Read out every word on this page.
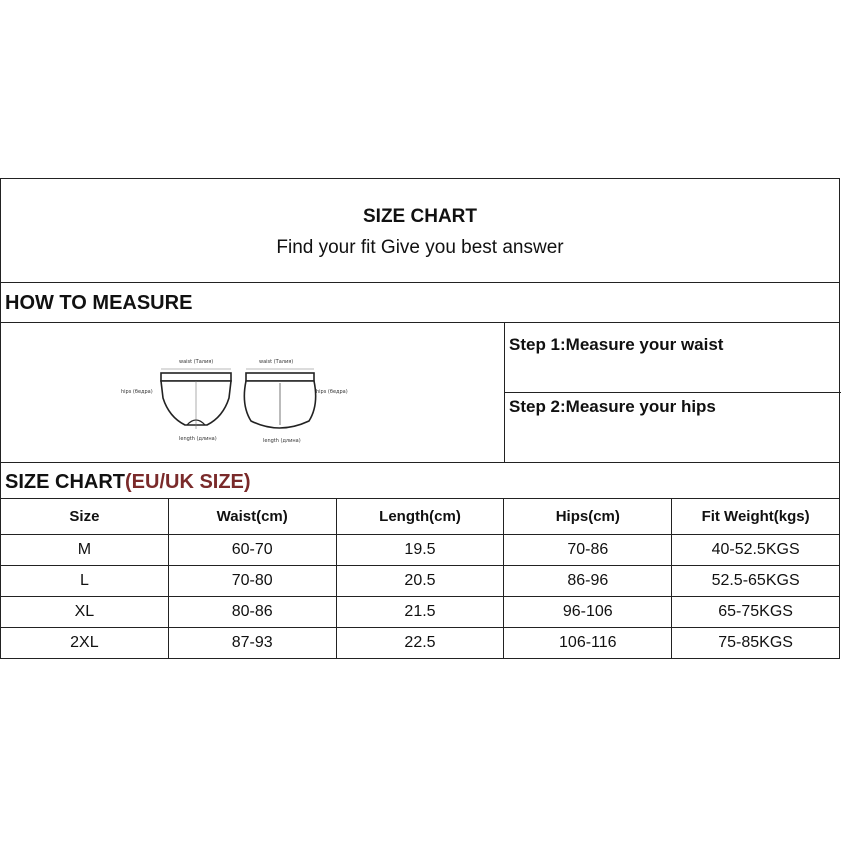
SIZE CHART
Find your fit Give you best answer
HOW TO MEASURE
waist (Талия)	waist (Талия)
hips (бедра)	hips (бедра)
length (длина)	length (длина)
Step 1:Measure your waist
Step 2:Measure your hips
SIZE CHART(EU/UK SIZE)
Size	Waist(cm)	Length(cm)	Hips(cm)	Fit Weight(kgs)
M	60-70	19.5	70-86	40-52.5KGS
L	70-80	20.5	86-96	52.5-65KGS
XL	80-86	21.5	96-106	65-75KGS
2XL	87-93	22.5	106-116	75-85KGS
